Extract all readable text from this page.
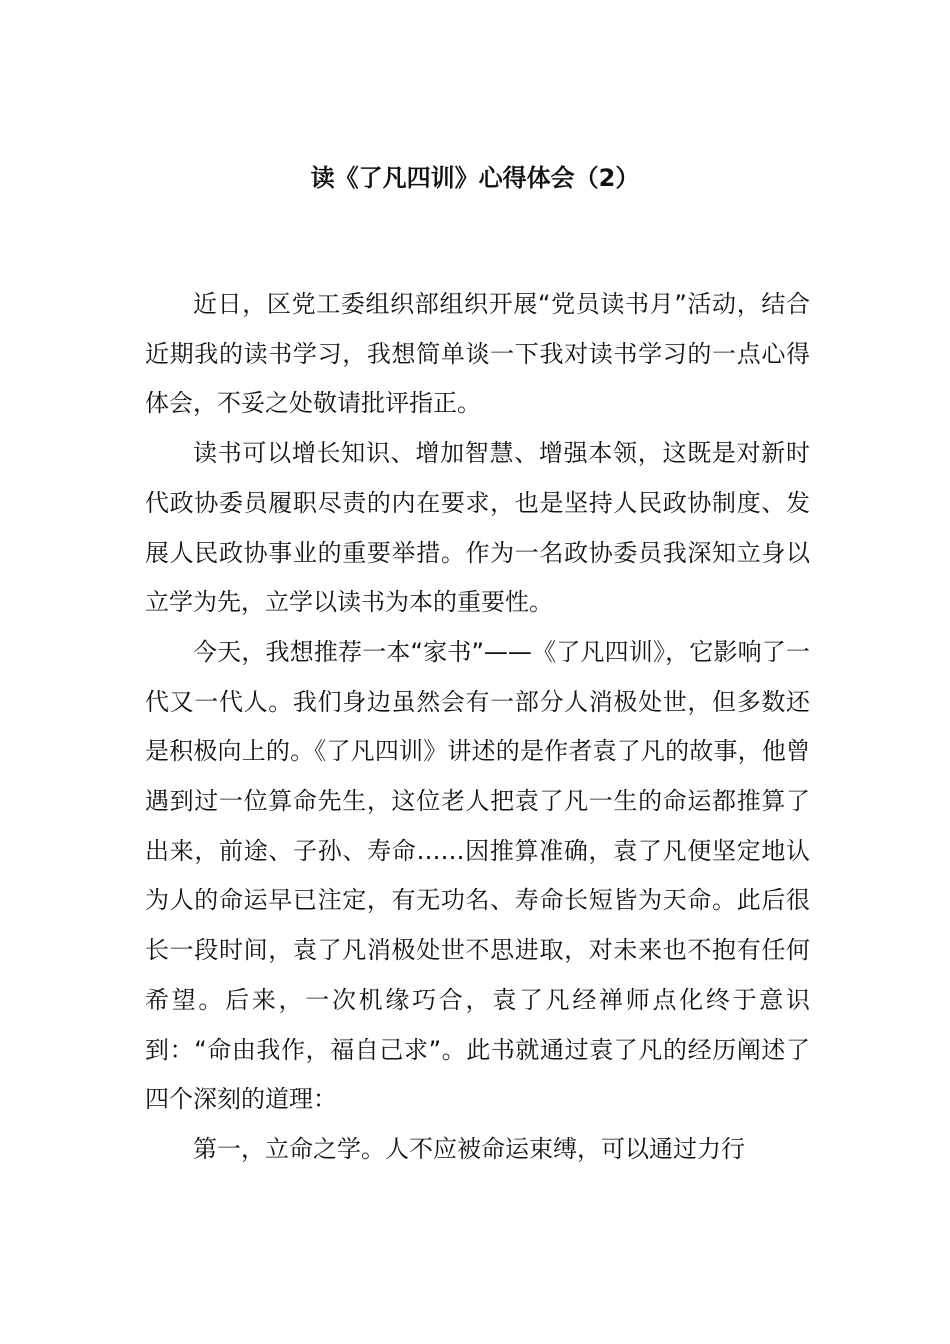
读《了凡四训》心得体会（2）

近日，区党工委组织部组织开展“党员读书月”活动，结合近期我的读书学习，我想简单谈一下我对读书学习的一点心得体会，不妥之处敬请批评指正。

读书可以增长知识、增加智慧、增强本领，这既是对新时代政协委员履职尽责的内在要求，也是坚持人民政协制度、发展人民政协事业的重要举措。作为一名政协委员我深知立身以立学为先，立学以读书为本的重要性。

今天，我想推荐一本“家书”——《了凡四训》，它影响了一代又一代人。我们身边虽然会有一部分人消极处世，但多数还是积极向上的。《了凡四训》讲述的是作者袁了凡的故事，他曾遇到过一位算命先生，这位老人把袁了凡一生的命运都推算了出来，前途、子孙、寿命……因推算准确，袁了凡便坚定地认为人的命运早已注定，有无功名、寿命长短皆为天命。此后很长一段时间，袁了凡消极处世不思进取，对未来也不抱有任何希望。后来，一次机缘巧合，袁了凡经禅师点化终于意识到：“命由我作，福自己求”。此书就通过袁了凡的经历阐述了四个深刻的道理：

第一，立命之学。人不应被命运束缚，可以通过力行
